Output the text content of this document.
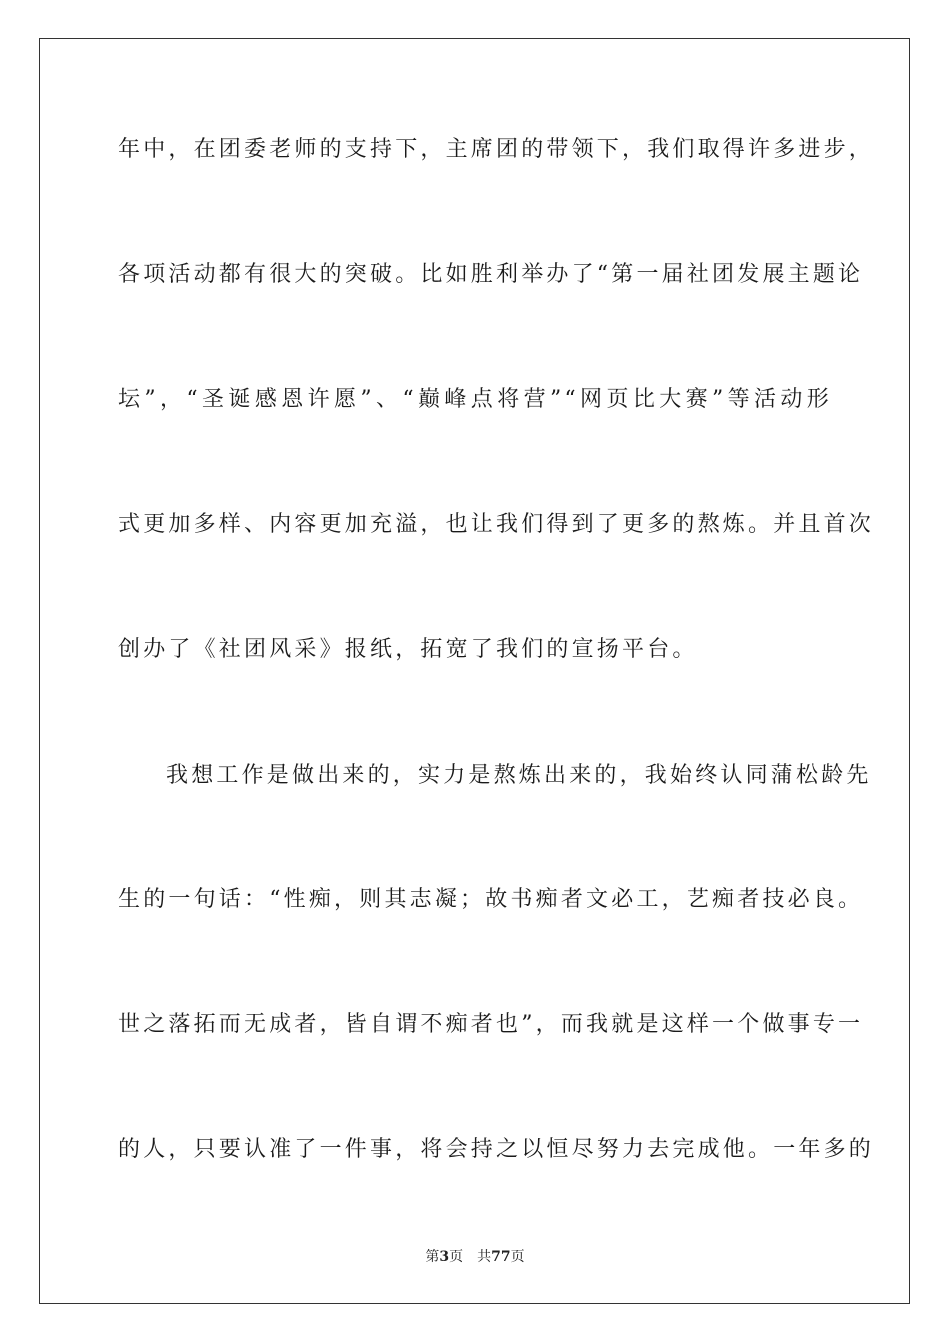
年中，在团委老师的支持下，主席团的带领下，我们取得许多进步，
各项活动都有很大的突破。比如胜利举办了“第一届社团发展主题论
坛”，“圣诞感恩许愿”、“巅峰点将营”“网页比大赛”等活动形
式更加多样、内容更加充溢，也让我们得到了更多的熬炼。并且首次
创办了《社团风采》报纸，拓宽了我们的宣扬平台。
我想工作是做出来的，实力是熬炼出来的，我始终认同蒲松龄先
生的一句话：“性痴，则其志凝；故书痴者文必工，艺痴者技必良。
世之落拓而无成者，皆自谓不痴者也”，而我就是这样一个做事专一
的人，只要认准了一件事，将会持之以恒尽努力去完成他。一年多的
第3页 共77页
